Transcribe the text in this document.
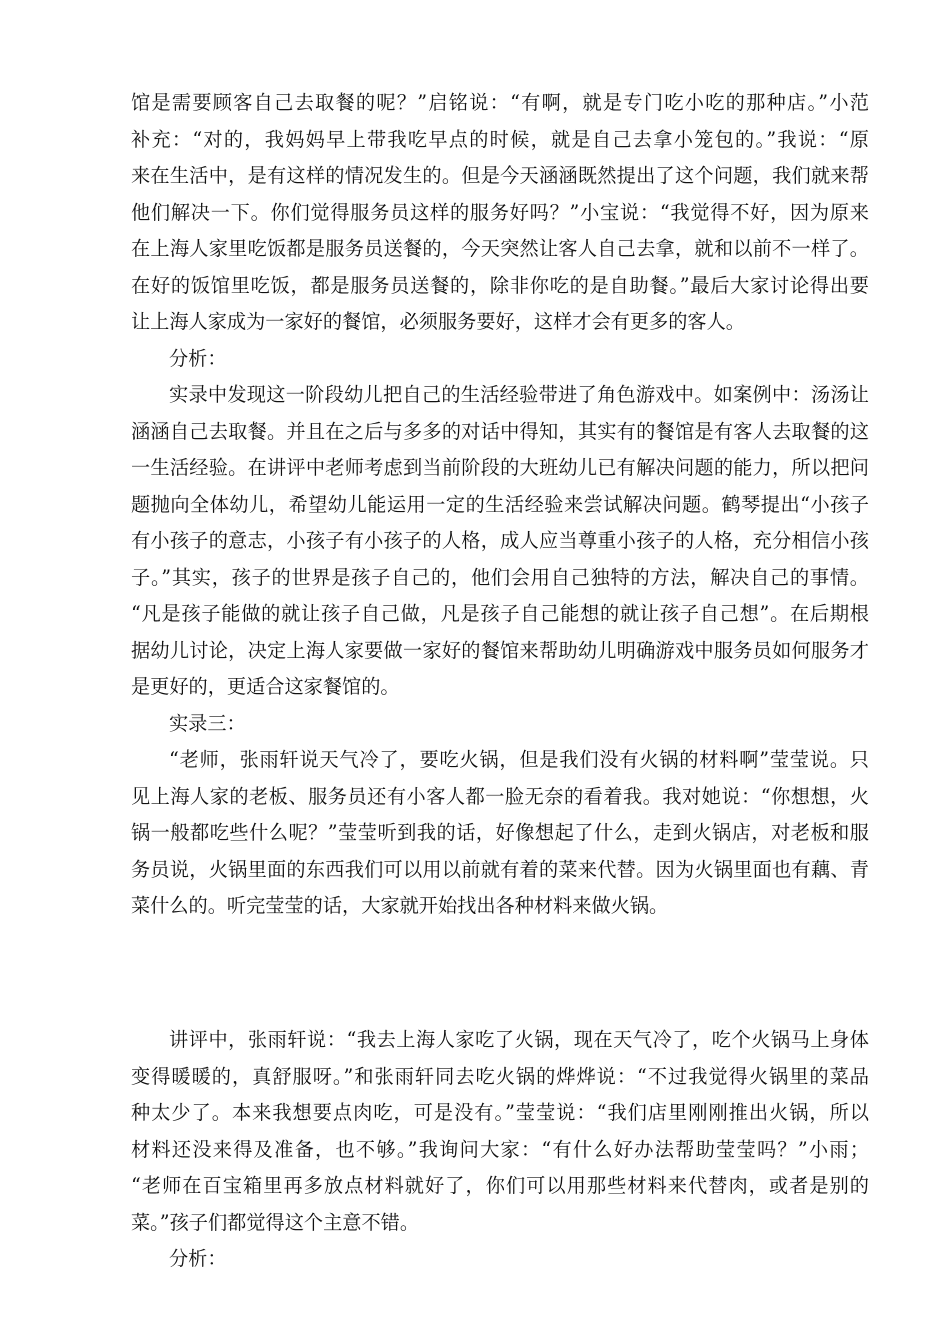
馆是需要顾客自己去取餐的呢？”启铭说：“有啊，就是专门吃小吃的那种店。”小范
补充：“对的，我妈妈早上带我吃早点的时候，就是自己去拿小笼包的。”我说：“原
来在生活中，是有这样的情况发生的。但是今天涵涵既然提出了这个问题，我们就来帮
他们解决一下。你们觉得服务员这样的服务好吗？”小宝说：“我觉得不好，因为原来
在上海人家里吃饭都是服务员送餐的，今天突然让客人自己去拿，就和以前不一样了。
在好的饭馆里吃饭，都是服务员送餐的，除非你吃的是自助餐。”最后大家讨论得出要
让上海人家成为一家好的餐馆，必须服务要好，这样才会有更多的客人。
分析：
实录中发现这一阶段幼儿把自己的生活经验带进了角色游戏中。如案例中：汤汤让
涵涵自己去取餐。并且在之后与多多的对话中得知，其实有的餐馆是有客人去取餐的这
一生活经验。在讲评中老师考虑到当前阶段的大班幼儿已有解决问题的能力，所以把问
题抛向全体幼儿，希望幼儿能运用一定的生活经验来尝试解决问题。鹤琴提出“小孩子
有小孩子的意志，小孩子有小孩子的人格，成人应当尊重小孩子的人格，充分相信小孩
子。”其实，孩子的世界是孩子自己的，他们会用自己独特的方法，解决自己的事情。
“凡是孩子能做的就让孩子自己做，凡是孩子自己能想的就让孩子自己想”。在后期根
据幼儿讨论，决定上海人家要做一家好的餐馆来帮助幼儿明确游戏中服务员如何服务才
是更好的，更适合这家餐馆的。
实录三：
“老师，张雨轩说天气冷了，要吃火锅，但是我们没有火锅的材料啊”莹莹说。只
见上海人家的老板、服务员还有小客人都一脸无奈的看着我。我对她说：“你想想，火
锅一般都吃些什么呢？”莹莹听到我的话，好像想起了什么，走到火锅店，对老板和服
务员说，火锅里面的东西我们可以用以前就有着的菜来代替。因为火锅里面也有藕、青
菜什么的。听完莹莹的话，大家就开始找出各种材料来做火锅。
讲评中，张雨轩说：“我去上海人家吃了火锅，现在天气冷了，吃个火锅马上身体
变得暖暖的，真舒服呀。”和张雨轩同去吃火锅的烨烨说：“不过我觉得火锅里的菜品
种太少了。本来我想要点肉吃，可是没有。”莹莹说：“我们店里刚刚推出火锅，所以
材料还没来得及准备，也不够。”我询问大家：“有什么好办法帮助莹莹吗？”小雨；
“老师在百宝箱里再多放点材料就好了，你们可以用那些材料来代替肉，或者是别的
菜。”孩子们都觉得这个主意不错。
分析：
